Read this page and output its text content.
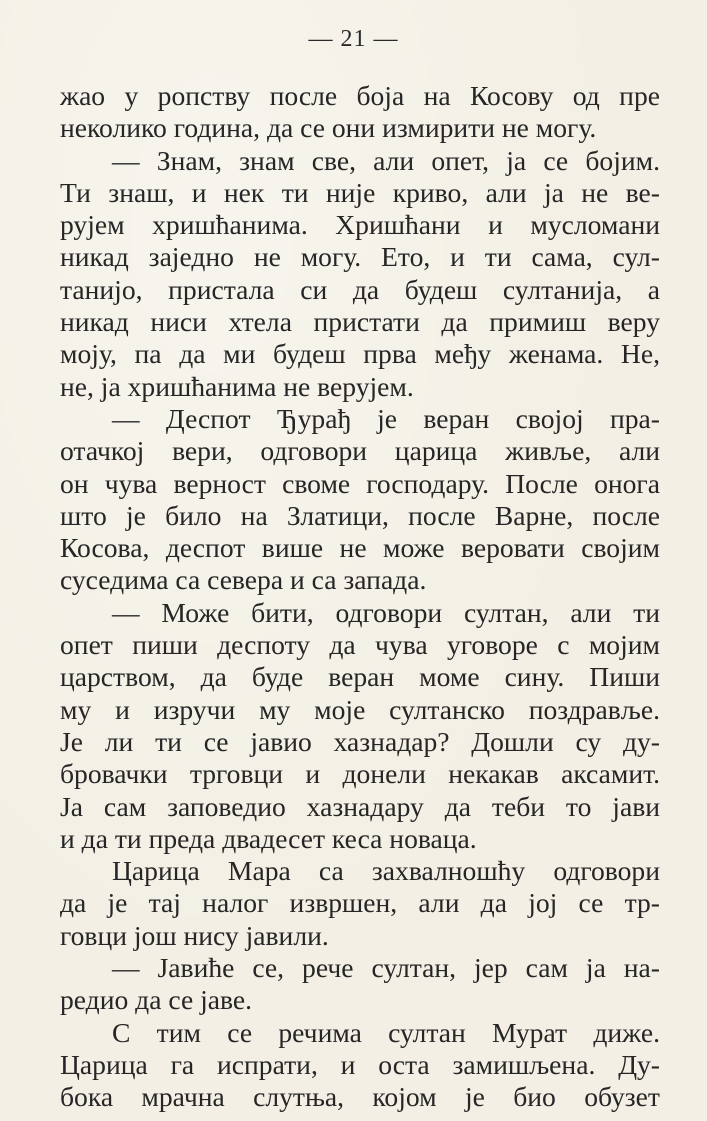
— 21 —
жао у ропству после боја на Косову од пре
неколико година, да се они измирити не могу.
— Знам, знам све, али опет, ја се бојим.
Ти знаш, и нек ти није криво, али ја не ве-
рујем хришћанима. Хришћани и мусломани
никад заједно не могу. Ето, и ти сама, сул-
танијо, пристала си да будеш султанија, а
никад ниси хтела пристати да примиш веру
моју, па да ми будеш прва међу женама. Не,
не, ја хришћанима не верујем.
— Деспот Ђурађ је веран својој пра-
отачкој вери, одговори царица живље, али
он чува верност своме господару. После онога
што је било на Златици, после Варне, после
Косова, деспот више не може веровати својим
суседима са севера и са запада.
— Може бити, одговори султан, али ти
опет пиши деспоту да чува уговоре с мојим
царством, да буде веран моме сину. Пиши
му и изручи му моје султанско поздравље.
Је ли ти се јавио хазнадар? Дошли су ду-
бровачки трговци и донели некакав аксамит.
Ја сам заповедио хазнадару да теби то јави
и да ти преда двадесет кеса новаца.
Царица Мара са захвалношћу одговори
да је тај налог извршен, али да јој се тр-
говци још нису јавили.
— Јавиће се, рече султан, јер сам ја на-
редио да се јаве.
С тим се речима султан Мурат диже.
Царица га испрати, и оста замишљена. Ду-
бока мрачна слутња, којом је био обузет
